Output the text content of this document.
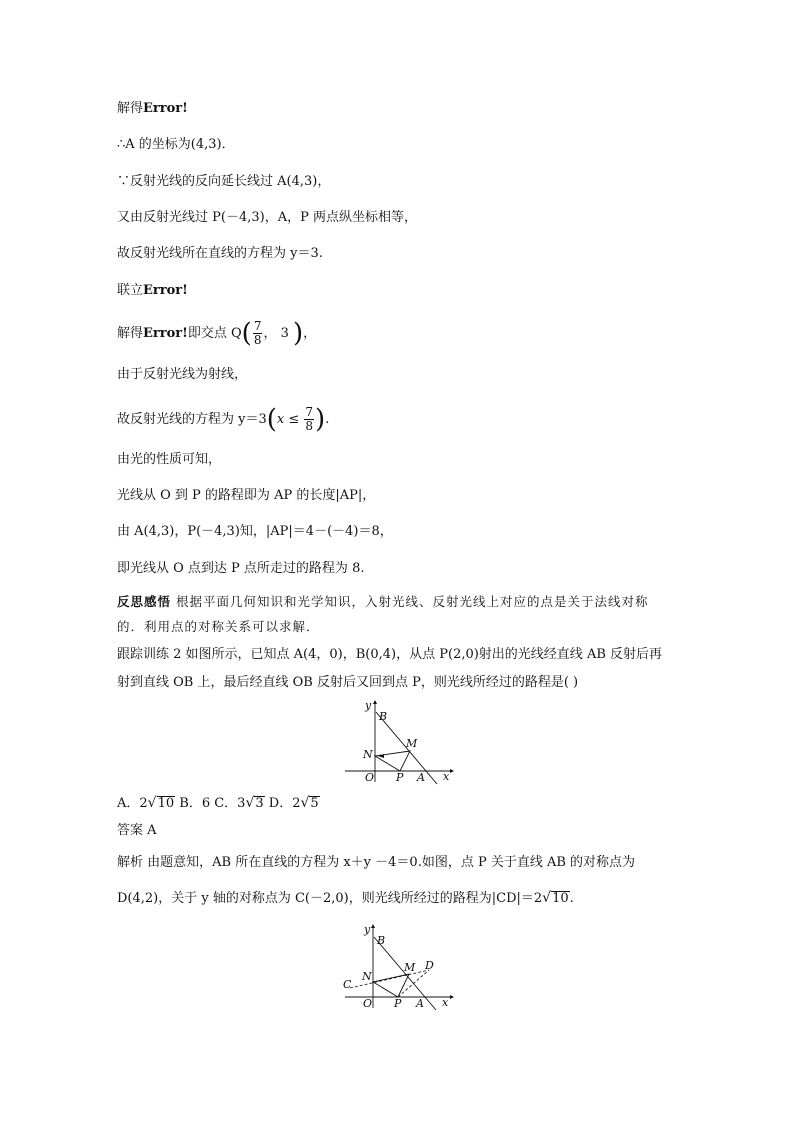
解得Error!
∴A 的坐标为(4,3)．
∵反射光线的反向延长线过 A(4,3)，
又由反射光线过 P(－4,3)，A，P 两点纵坐标相等，
故反射光线所在直线的方程为 y＝3.
联立Error!
解得Error!即交点 $Q( \frac{7}{8}$ ， 3 )，
由于反射光线为射线，
故反射光线的方程为 $y=3(x \le \frac{7}{8}$ ).
由光的性质可知，
光线从 O 到 P 的路程即为 AP 的长度|AP|，
由 A(4,3)，P(－4,3)知，|AP|＝4－(－4)＝8，
即光线从 O 点到达 P 点所走过的路程为 8.
反思感悟 根据平面几何知识和光学知识，入射光线、反射光线上对应的点是关于法线对称
的．利用点的对称关系可以求解．
跟踪训练 2 如图所示，已知点 A(4，0)，B(0,4)，从点 P(2,0)射出的光线经直线 AB 反射后再
射到直线 OB 上，最后经直线 OB 反射后又回到点 P，则光线所经过的路程是( )
y
B
N
M
O P A x
A．2√10 B．6 C．3√3 D．2√5
答案 A
解析 由题意知，AB 所在直线的方程为 x＋y －4＝0.如图，点 P 关于直线 AB 的对称点为
D(4,2)，关于 y 轴的对称点为 C(－2,0)，则光线所经过的路程为|CD|＝2√10.
y
B
N
M D
C
O P A x
